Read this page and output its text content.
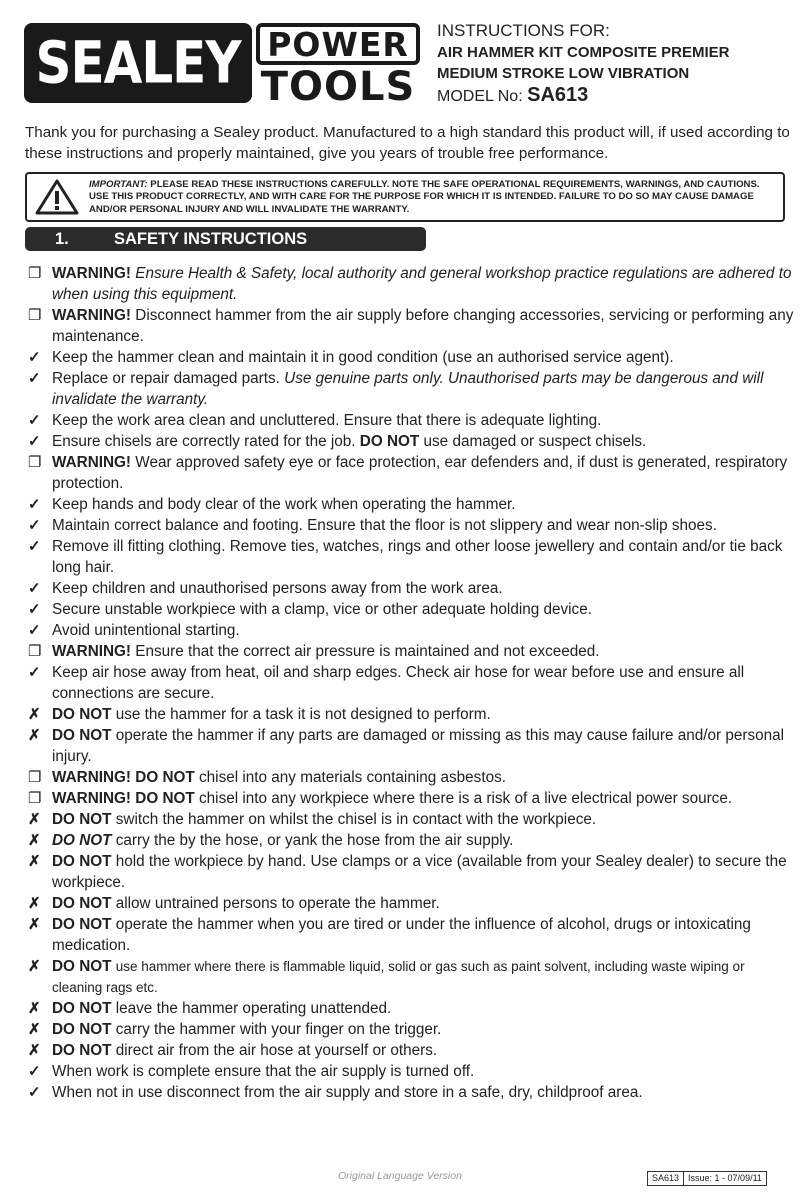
SEALEY POWER
TOOLS
INSTRUCTIONS FOR:
AIR HAMMER KIT COMPOSITE PREMIER
MEDIUM STROKE LOW VIBRATION
MODEL No: SA613
Thank you for purchasing a Sealey product. Manufactured to a high standard this product will, if used according to these instructions and properly maintained, give you years of trouble free performance.
IMPORTANT: PLEASE READ THESE INSTRUCTIONS CAREFULLY. NOTE THE SAFE OPERATIONAL REQUIREMENTS, WARNINGS, AND CAUTIONS. USE THIS PRODUCT CORRECTLY, AND WITH CARE FOR THE PURPOSE FOR WHICH IT IS INTENDED. FAILURE TO DO SO MAY CAUSE DAMAGE AND/OR PERSONAL INJURY AND WILL INVALIDATE THE WARRANTY.
1.	SAFETY INSTRUCTIONS
❐ WARNING! Ensure Health & Safety, local authority and general workshop practice regulations are adhered to when using this equipment.
❐ WARNING! Disconnect hammer from the air supply before changing accessories, servicing or performing any maintenance.
✓ Keep the hammer clean and maintain it in good condition (use an authorised service agent).
✓ Replace or repair damaged parts. Use genuine parts only. Unauthorised parts may be dangerous and will invalidate the warranty.
✓ Keep the work area clean and uncluttered. Ensure that there is adequate lighting.
✓ Ensure chisels are correctly rated for the job. DO NOT use damaged or suspect chisels.
❐ WARNING! Wear approved safety eye or face protection, ear defenders and, if dust is generated, respiratory protection.
✓ Keep hands and body clear of the work when operating the hammer.
✓ Maintain correct balance and footing. Ensure that the floor is not slippery and wear non-slip shoes.
✓ Remove ill fitting clothing. Remove ties, watches, rings and other loose jewellery and contain and/or tie back long hair.
✓ Keep children and unauthorised persons away from the work area.
✓ Secure unstable workpiece with a clamp, vice or other adequate holding device.
✓ Avoid unintentional starting.
❐ WARNING! Ensure that the correct air pressure is maintained and not exceeded.
✓ Keep air hose away from heat, oil and sharp edges. Check air hose for wear before use and ensure all connections are secure.
✗ DO NOT use the hammer for a task it is not designed to perform.
✗ DO NOT operate the hammer if any parts are damaged or missing as this may cause failure and/or personal injury.
❐ WARNING! DO NOT chisel into any materials containing asbestos.
❐ WARNING! DO NOT chisel into any workpiece where there is a risk of a live electrical power source.
✗ DO NOT switch the hammer on whilst the chisel is in contact with the workpiece.
✗ DO NOT carry the by the hose, or yank the hose from the air supply.
✗ DO NOT hold the workpiece by hand. Use clamps or a vice (available from your Sealey dealer) to secure the workpiece.
✗ DO NOT allow untrained persons to operate the hammer.
✗ DO NOT operate the hammer when you are tired or under the influence of alcohol, drugs or intoxicating medication.
✗ DO NOT use hammer where there is flammable liquid, solid or gas such as paint solvent, including waste wiping or cleaning rags etc.
✗ DO NOT leave the hammer operating unattended.
✗ DO NOT carry the hammer with your finger on the trigger.
✗ DO NOT direct air from the air hose at yourself or others.
✓ When work is complete ensure that the air supply is turned off.
✓ When not in use disconnect from the air supply and store in a safe, dry, childproof area.
Original Language Version	SA613	Issue: 1 - 07/09/11
